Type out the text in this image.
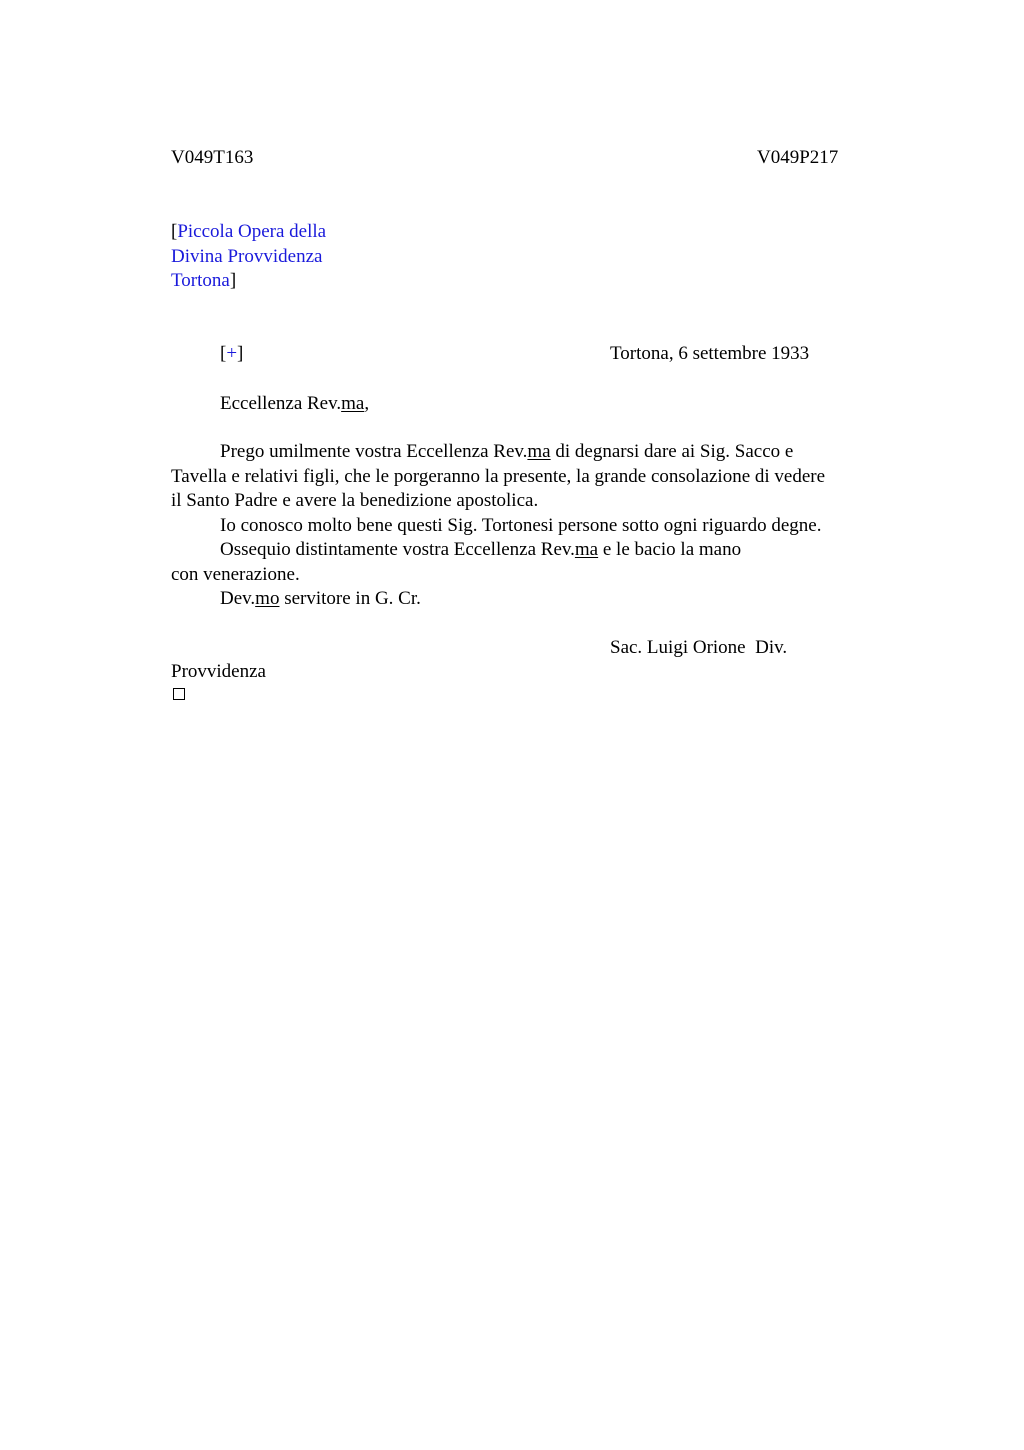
V049T163	V049P217
[Piccola Opera della
Divina Provvidenza
Tortona]
[+]	Tortona, 6 settembre 1933
Eccellenza Rev.ma,
Prego umilmente vostra Eccellenza Rev.ma di degnarsi dare ai Sig. Sacco e
Tavella e relativi figli, che le porgeranno la presente, la grande consolazione di vedere
il Santo Padre e avere la benedizione apostolica.
Io conosco molto bene questi Sig. Tortonesi persone sotto ogni riguardo degne.
Ossequio distintamente vostra Eccellenza Rev.ma e le bacio la mano
con venerazione.
Dev.mo servitore in G. Cr.
Sac. Luigi Orione  Div.
Provvidenza
